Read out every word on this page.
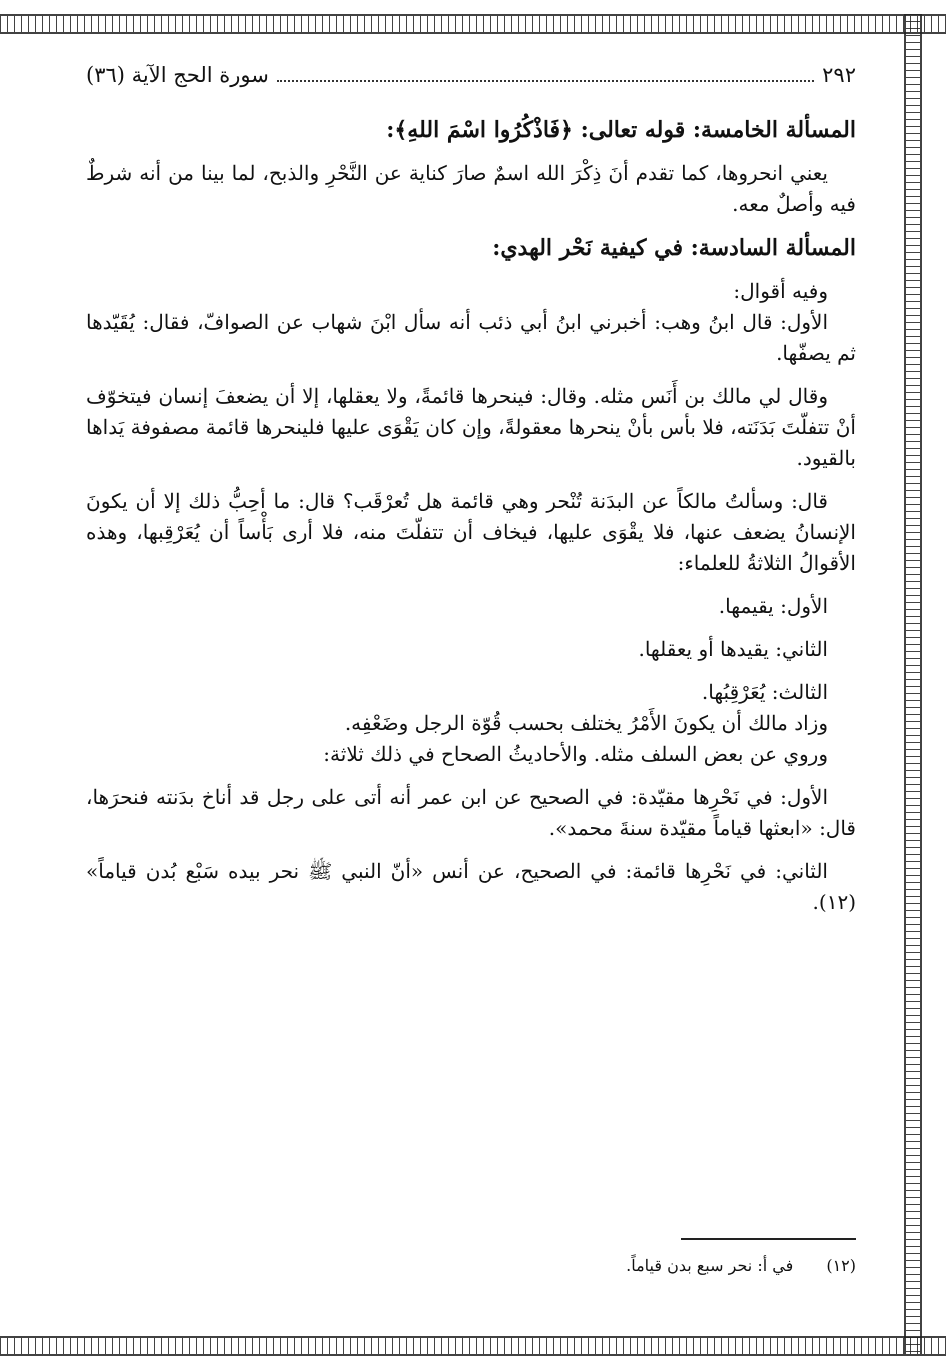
٢٩٢
سورة الحج الآية (٣٦)
المسألة الخامسة: قوله تعالى: ﴿فَاذْكُرُوا اسْمَ اللهِ﴾:

يعني انحروها، كما تقدم أنَ ذِكْرَ الله اسمٌ صارَ كناية عن النَّحْرِ والذبح، لما بينا من أنه شرطٌ فيه وأصلٌ معه.

المسألة السادسة: في كيفية نَحْر الهدي:

وفيه أقوال:

الأول: قال ابنُ وهب: أخبرني ابنُ أبي ذئب أنه سأل ابْنَ شهاب عن الصوافّ، فقال: يُقَيّدها ثم يصفّها.

وقال لي مالك بن أَنَس مثله. وقال: فينحرها قائمةً، ولا يعقلها، إلا أن يضعفَ إنسان فيتخوّف أنْ تتفلّتَ بَدَنَته، فلا بأس بأنْ ينحرها معقولةً، وإن كان يَقْوَى عليها فلينحرها قائمة مصفوفة يَداها بالقيود.

قال: وسألتُ مالكاً عن البدَنة تُنْحر وهي قائمة هل تُعرْقَب؟ قال: ما أحِبُّ ذلك إلا أن يكونَ الإنسانُ يضعف عنها، فلا يقْوَى عليها، فيخاف أن تتفلّتَ منه، فلا أرى بَأْساً أن يُعَرْقِبها، وهذه الأقوالُ الثلاثةُ للعلماء:

الأول: يقيمها.

الثاني: يقيدها أو يعقلها.

الثالث: يُعَرْقِبُها.

وزاد مالك أن يكونَ الأَمْرُ يختلف بحسب قُوّة الرجل وضَعْفِه.

وروي عن بعض السلف مثله. والأحاديثُ الصحاح في ذلك ثلاثة:

الأول: في نَحْرِها مقيّدة: في الصحيح عن ابن عمر أنه أتى على رجل قد أناخ بدَنته فنحرَها، قال: «ابعثها قياماً مقيّدة سنةَ محمد».

الثاني: في نَحْرِها قائمة: في الصحيح، عن أنس «أنّ النبي ﷺ نحر بيده سَبْع بُدن قياماً» (١٢).

(١٢) في أ: نحر سبع بدن قياماً.
